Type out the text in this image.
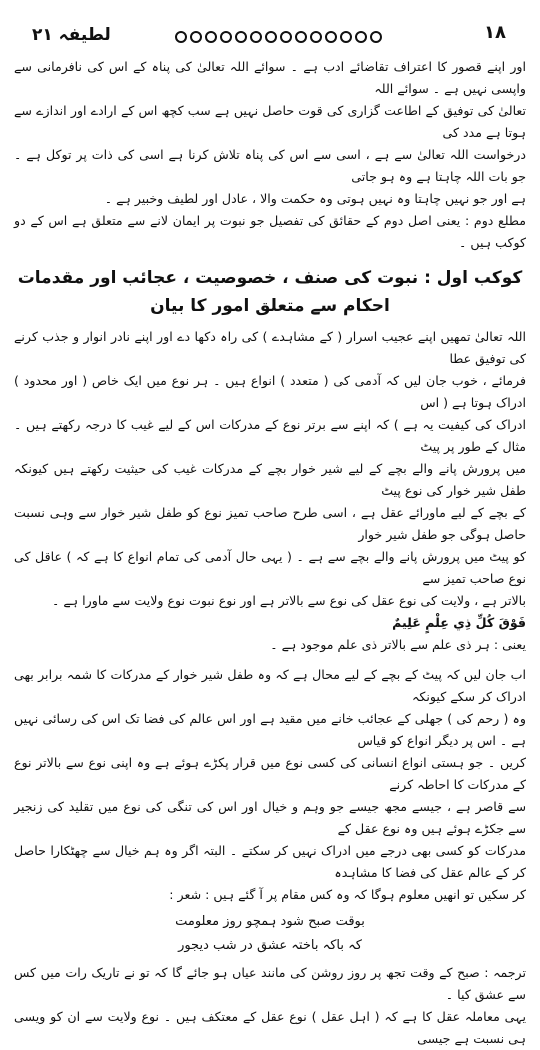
۱۸
لطیفہ ۲۱

اور اپنے قصور کا اعتراف تقاضائے ادب ہے ۔ سوائے اللہ تعالیٰ کی پناہ کے اس کی نافرمانی سے واپسی نہیں ہے ۔ سوائے اللہ

تعالیٰ کی توفیق کے اطاعت گزاری کی قوت حاصل نہیں ہے سب کچھ اس کے ارادے اور اندازے سے ہوتا ہے مدد کی

درخواست اللہ تعالیٰ سے ہے ، اسی سے اس کی پناہ تلاش کرنا ہے اسی کی ذات پر توکل ہے ۔ جو بات اللہ چاہتا ہے وہ ہو جاتی

ہے اور جو نہیں چاہتا وہ نہیں ہوتی وہ حکمت والا ، عادل اور لطیف وخبیر ہے ۔

مطلع دوم : یعنی اصل دوم کے حقائق کی تفصیل جو نبوت پر ایمان لانے سے متعلق ہے اس کے دو کوکب ہیں ۔

کوکب اول : نبوت کی صنف ، خصوصیت ، عجائب اور مقدمات احکام سے متعلق امور کا بیان

اللہ تعالیٰ تمھیں اپنے عجیب اسرار ( کے مشاہدے ) کی راہ دکھا دے اور اپنے نادر انوار و جذب کرنے کی توفیق عطا

فرمائے ، خوب جان لیں کہ آدمی کی ( متعدد ) انواع ہیں ۔ ہر نوع میں ایک خاص ( اور محدود ) ادراک ہوتا ہے ( اس

ادراک کی کیفیت یہ ہے ) کہ اپنے سے برتر نوع کے مدرکات اس کے لیے غیب کا درجہ رکھتے ہیں ۔ مثال کے طور پر پیٹ

میں پرورش پانے والے بچے کے لیے شیر خوار بچے کے مدرکات غیب کی حیثیت رکھتے ہیں کیونکہ طفل شیر خوار کی نوع پیٹ

کے بچے کے لیے ماورائے عقل ہے ، اسی طرح صاحب تمیز نوع کو طفل شیر خوار سے وہی نسبت حاصل ہوگی جو طفل شیر خوار

کو پیٹ میں پرورش پانے والے بچے سے ہے ۔ ( یہی حال آدمی کی تمام انواع کا ہے کہ ) عاقل کی نوع صاحب تمیز سے

بالاتر ہے ، ولایت کی نوع عقل کی نوع سے بالاتر ہے اور نوع نبوت نوع ولایت سے ماورا ہے ۔

فَوْقَ كُلِّ ذِي عِلْمٍ عَلِيمٌ

یعنی : ہر ذی علم سے بالاتر ذی علم موجود ہے ۔

اب جان لیں کہ پیٹ کے بچے کے لیے محال ہے کہ وہ طفل شیر خوار کے مدرکات کا شمہ برابر بھی ادراک کر سکے کیونکہ

وہ ( رحم کی ) جھلی کے عجائب خانے میں مقید ہے اور اس عالم کی فضا تک اس کی رسائی نہیں ہے ۔ اس پر دیگر انواع کو قیاس

کریں ۔ جو ہستی انواع انسانی کی کسی نوع میں قرار پکڑے ہوئے ہے وہ اپنی نوع سے بالاتر نوع کے مدرکات کا احاطہ کرنے

سے قاصر ہے ، جیسے مجھ جیسے جو وہم و خیال اور اس کی تنگی کی نوع میں تقلید کی زنجیر سے جکڑے ہوئے ہیں وہ نوع عقل کے

مدرکات کو کسی بھی درجے میں ادراک نہیں کر سکتے ۔ البتہ اگر وہ ہم خیال سے چھٹکارا حاصل کر کے عالم عقل کی فضا کا مشاہدہ

کر سکیں تو انھیں معلوم ہوگا کہ وہ کس مقام پر آ گئے ہیں : شعر :

بوقت صبح شود ہمچو روز معلومت

کہ باکہ باختہ عشق در شب دیجور

ترجمہ : صبح کے وقت تجھ پر روز روشن کی مانند عیاں ہو جائے گا کہ تو نے تاریک رات میں کس سے عشق کیا ۔

یہی معاملہ عقل کا ہے کہ ( اہل عقل ) نوع عقل کے معتکف ہیں ۔ نوع ولایت سے ان کو ویسی ہی نسبت ہے جیسی
